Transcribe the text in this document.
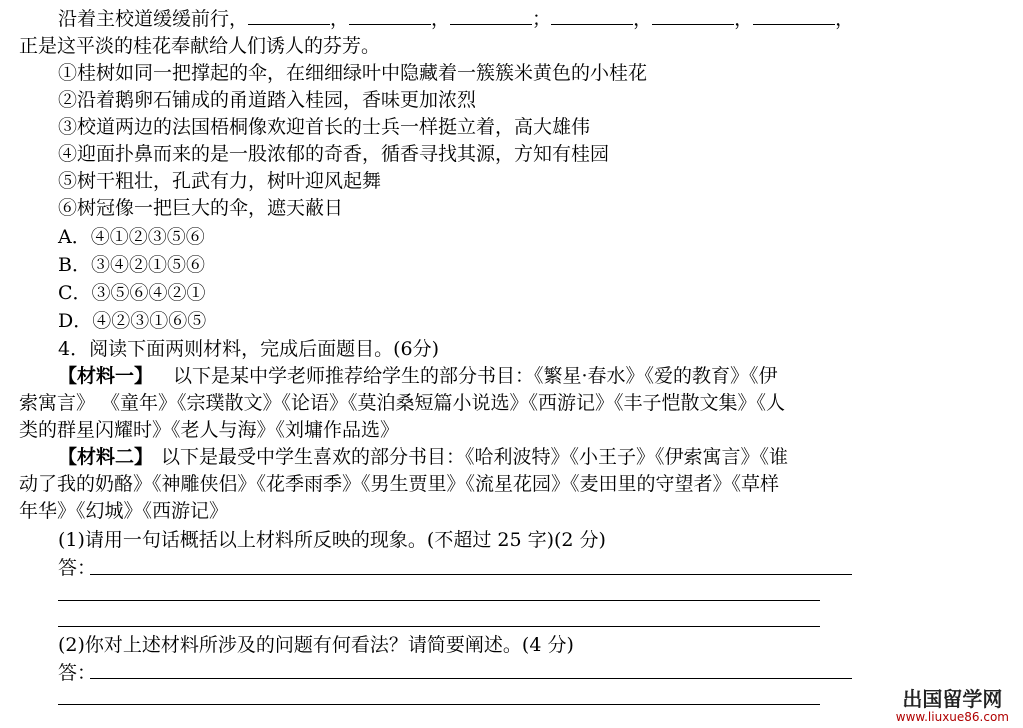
沿着主校道缓缓前行，	，	，	；	，	，	，
正是这平淡的桂花奉献给人们诱人的芬芳。
①桂树如同一把撑起的伞，在细细绿叶中隐藏着一簇簇米黄色的小桂花
②沿着鹅卵石铺成的甬道踏入桂园，香味更加浓烈
③校道两边的法国梧桐像欢迎首长的士兵一样挺立着，高大雄伟
④迎面扑鼻而来的是一股浓郁的奇香，循香寻找其源，方知有桂园
⑤树干粗壮，孔武有力，树叶迎风起舞
⑥树冠像一把巨大的伞，遮天蔽日
A．④①②③⑤⑥
B．③④②①⑤⑥
C．③⑤⑥④②①
D．④②③①⑥⑤
4．阅读下面两则材料，完成后面题目。(6分)
【材料一】 以下是某中学老师推荐给学生的部分书目：《繁星·春水》《爱的教育》《伊
索寓言》 《童年》《宗璞散文》《论语》《莫泊桑短篇小说选》《西游记》《丰子恺散文集》《人
类的群星闪耀时》《老人与海》《刘墉作品选》
【材料二】 以下是最受中学生喜欢的部分书目：《哈利波特》《小王子》《伊索寓言》《谁
动了我的奶酪》《神雕侠侣》《花季雨季》《男生贾里》《流星花园》《麦田里的守望者》《草样
年华》《幻城》《西游记》
(1)请用一句话概括以上材料所反映的现象。(不超过 25 字)(2 分)
答：
(2)你对上述材料所涉及的问题有何看法？请简要阐述。(4 分)
答：
出国留学网
www.liuxue86.com
